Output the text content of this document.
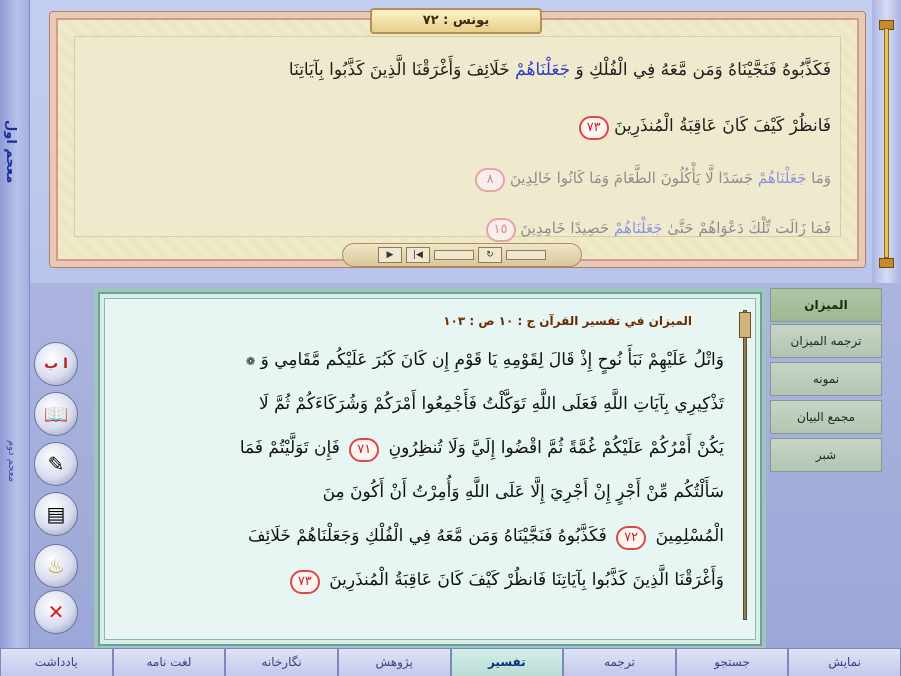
معجم اول
معجم دوم
فَكَذَّبُوهُ فَنَجَّيْنَاهُ وَمَن مَّعَهُ فِي الْفُلْكِ وَ جَعَلْنَاهُمْ خَلَائِفَ وَأَغْرَقْنَا الَّذِينَ كَذَّبُوا بِآيَاتِنَا
فَانظُرْ كَيْفَ كَانَ عَاقِبَةُ الْمُنذَرِينَ ٧٣
وَمَا جَعَلْنَاهُمْ جَسَدًا لَّا يَأْكُلُونَ الطَّعَامَ وَمَا كَانُوا خَالِدِينَ ٨
فَمَا زَالَت تِّلْكَ دَعْوَاهُمْ حَتَّىٰ جَعَلْنَاهُمْ حَصِيدًا خَامِدِينَ ١٥
يونس : ٧٢
▶	|◀	↻
ا ب
📖
✎
▤
♨
✕
الميزان في تفسير القرآن ج : ١٠ ص : ١٠٣
وَاتْلُ عَلَيْهِمْ نَبَأَ نُوحٍ إِذْ قَالَ لِقَوْمِهِ يَا قَوْمِ إِن كَانَ كَبُرَ عَلَيْكُم مَّقَامِي وَ ❁
تَذْكِيرِي بِآيَاتِ اللَّهِ فَعَلَى اللَّهِ تَوَكَّلْتُ فَأَجْمِعُوا أَمْرَكُمْ وَشُرَكَاءَكُمْ ثُمَّ لَا
يَكُنْ أَمْرُكُمْ عَلَيْكُمْ غُمَّةً ثُمَّ اقْضُوا إِلَيَّ وَلَا تُنظِرُونِ ٧١ فَإِن تَوَلَّيْتُمْ فَمَا
سَأَلْتُكُم مِّنْ أَجْرٍ إِنْ أَجْرِيَ إِلَّا عَلَى اللَّهِ وَأُمِرْتُ أَنْ أَكُونَ مِنَ
الْمُسْلِمِينَ ٧٢ فَكَذَّبُوهُ فَنَجَّيْنَاهُ وَمَن مَّعَهُ فِي الْفُلْكِ وَجَعَلْنَاهُمْ خَلَائِفَ
وَأَغْرَقْنَا الَّذِينَ كَذَّبُوا بِآيَاتِنَا فَانظُرْ كَيْفَ كَانَ عَاقِبَةُ الْمُنذَرِينَ ٧٣
الميزان
ترجمه الميزان
نمونه
مجمع البيان
شبر
نمايش
جستجو
ترجمه
تفسير
پژوهش
نگارخانه
لغت نامه
يادداشت
